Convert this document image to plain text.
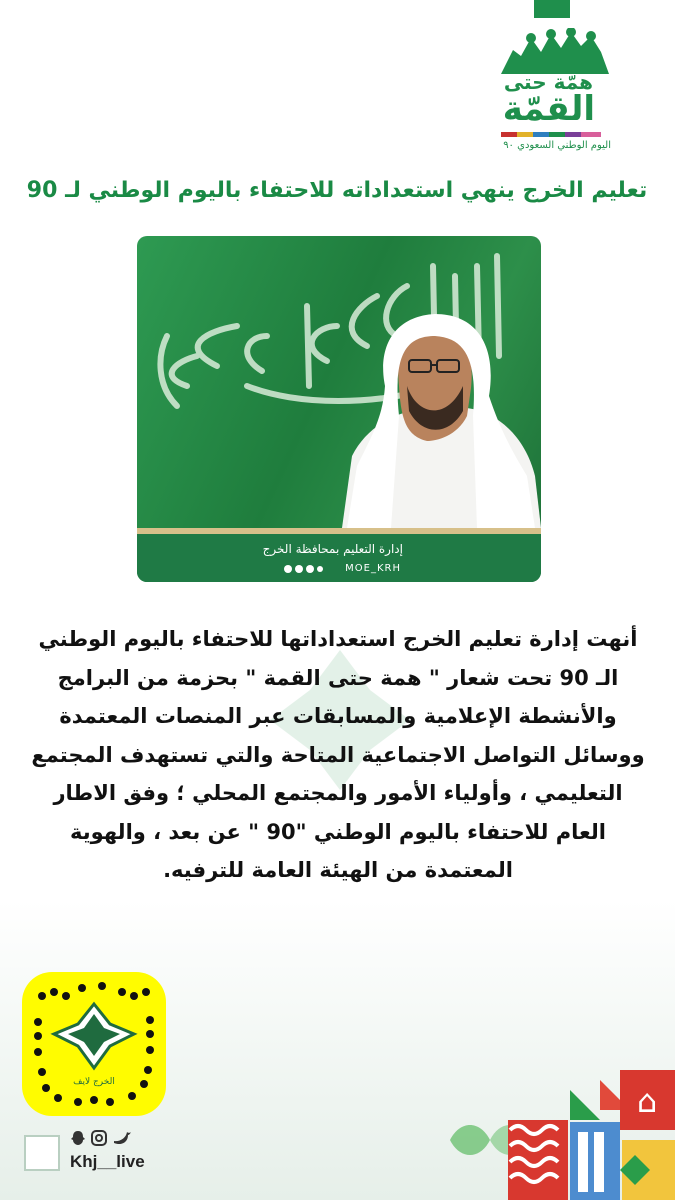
همّة حتى
القمّة
اليوم الوطني السعودي ٩٠
تعليم الخرج ينهي استعداداته للاحتفاء باليوم الوطني لـ 90
إدارة التعليم بمحافظة الخرج
MOE_KRH
أنهت إدارة تعليم الخرج استعداداتها للاحتفاء باليوم الوطني
الـ 90 تحت شعار " همة حتى القمة " بحزمة من البرامج
والأنشطة الإعلامية والمسابقات عبر المنصات المعتمدة
ووسائل التواصل الاجتماعية المتاحة والتي تستهدف المجتمع
التعليمي ، وأولياء الأمور والمجتمع المحلي ؛ وفق الاطار
العام للاحتفاء باليوم الوطني "90 " عن بعد ، والهوية
المعتمدة من الهيئة العامة للترفيه.
الخرج لايف
Khj__live
⌂
